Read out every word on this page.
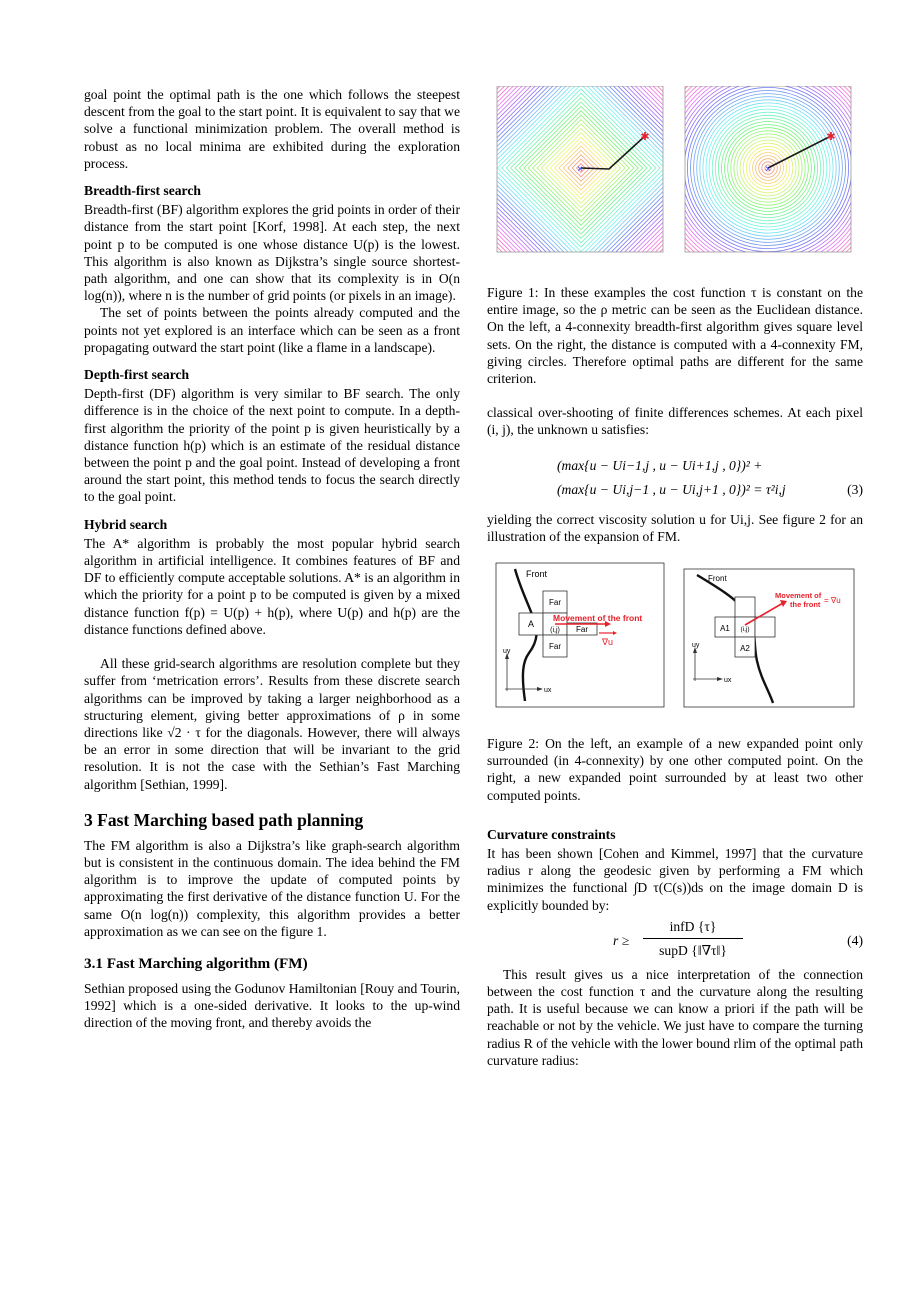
goal point the optimal path is the one which follows the steepest descent from the goal to the start point. It is equivalent to say that we solve a functional minimization problem. The overall method is robust as no local minima are exhibited during the exploration process.

Breadth-first search

Breadth-first (BF) algorithm explores the grid points in order of their distance from the start point [Korf, 1998]. At each step, the next point p to be computed is one whose distance U(p) is the lowest. This algorithm is also known as Dijkstra’s single source shortest-path algorithm, and one can show that its complexity is in O(n log(n)), where n is the number of grid points (or pixels in an image).

The set of points between the points already computed and the points not yet explored is an interface which can be seen as a front propagating outward the start point (like a flame in a landscape).

Depth-first search

Depth-first (DF) algorithm is very similar to BF search. The only difference is in the choice of the next point to compute. In a depth-first algorithm the priority of the point p is given heuristically by a distance function h(p) which is an estimate of the residual distance between the point p and the goal point. Instead of developing a front around the start point, this method tends to focus the search directly to the goal point.

Hybrid search

The A* algorithm is probably the most popular hybrid search algorithm in artificial intelligence. It combines features of BF and DF to efficiently compute acceptable solutions. A* is an algorithm in which the priority for a point p to be computed is given by a mixed distance function f(p) = U(p) + h(p), where U(p) and h(p) are the distance functions defined above.

All these grid-search algorithms are resolution complete but they suffer from ‘metrication errors’. Results from these discrete search algorithms can be improved by taking a larger neighborhood as a structuring element, giving better approximations of ρ in some directions like √2 · τ for the diagonals. However, there will always be an error in some direction that will be invariant to the grid resolution. It is not the case with the Sethian’s Fast Marching algorithm [Sethian, 1999].

3 Fast Marching based path planning

The FM algorithm is also a Dijkstra’s like graph-search algorithm but is consistent in the continuous domain. The idea behind the FM algorithm is to improve the update of computed points by approximating the first derivative of the distance function U. For the same O(n log(n)) complexity, this algorithm provides a better approximation as we can see on the figure 1.

3.1 Fast Marching algorithm (FM)

Sethian proposed using the Godunov Hamiltonian [Rouy and Tourin, 1992] which is a one-sided derivative. It looks to the up-wind direction of the moving front, and thereby avoids the

×
✱
×
✱

Figure 1: In these examples the cost function τ is constant on the entire image, so the ρ metric can be seen as the Euclidean distance. On the left, a 4-connexity breadth-first algorithm gives square level sets. On the right, the distance is computed with a 4-connexity FM, giving circles. Therefore optimal paths are different for the same criterion.

classical over-shooting of finite differences schemes. At each pixel (i, j), the unknown u satisfies:

(max{u − Ui−1,j , u − Ui+1,j , 0})² +
(max{u − Ui,j−1 , u − Ui,j+1 , 0})² = τ²i,j	(3)

yielding the correct viscosity solution u for Ui,j. See figure 2 for an illustration of the expansion of FM.

Front
Far
A
(i,j) Far
Far
Movement of the front
∇u
uy
ux
Front
A1 (i,j)
A2
Movement of
the front = ∇u
uy
ux

Figure 2: On the left, an example of a new expanded point only surrounded (in 4-connexity) by one other computed point. On the right, a new expanded point surrounded by at least two other computed points.

Curvature constraints

It has been shown [Cohen and Kimmel, 1997] that the curvature radius r along the geodesic given by performing a FM which minimizes the functional ∫D τ(C(s))ds on the image domain D is explicitly bounded by:

r ≥
infD {τ}
supD {‖∇τ‖}
(4)

This result gives us a nice interpretation of the connection between the cost function τ and the curvature along the resulting path. It is useful because we can know a priori if the path will be reachable or not by the vehicle. We just have to compare the turning radius R of the vehicle with the lower bound rlim of the optimal path curvature radius:
